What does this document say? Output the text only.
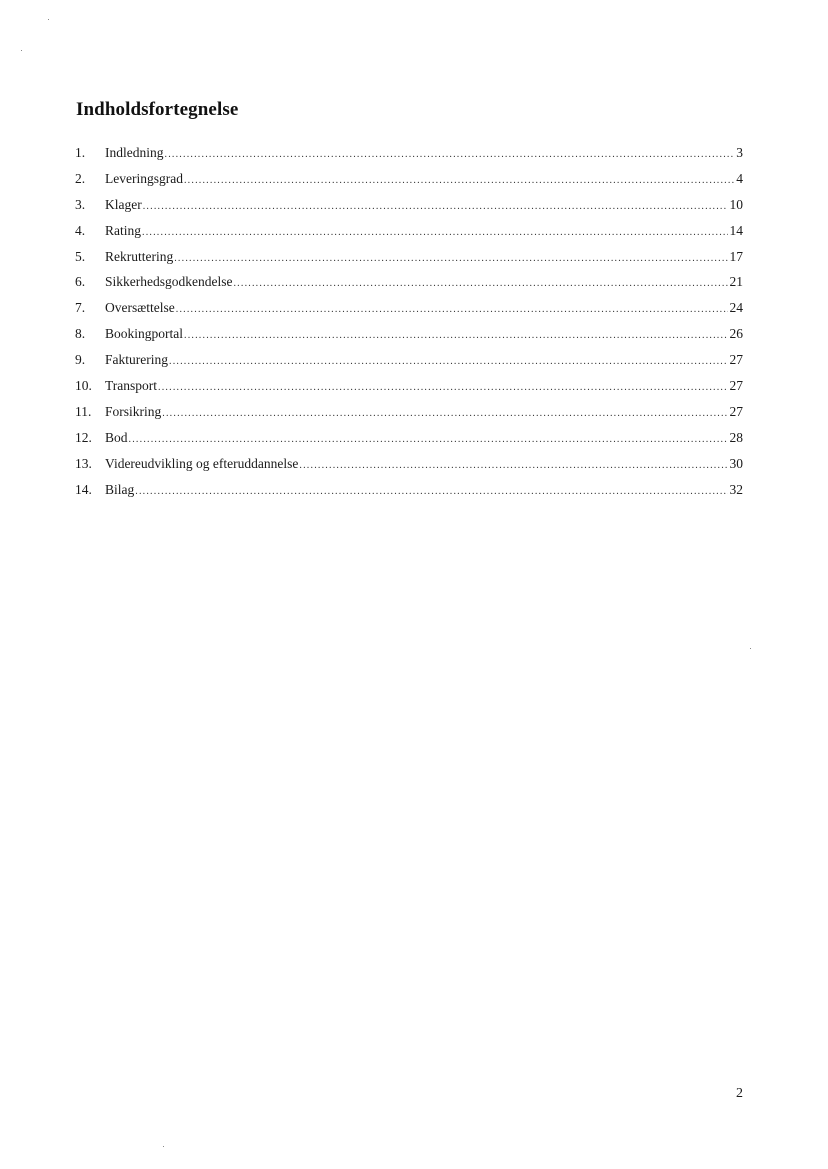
Indholdsfortegnelse
1.	Indledning .....	3
2.	Leveringsgrad .....	4
3.	Klager .....	10
4.	Rating .....	14
5.	Rekruttering .....	17
6.	Sikkerhedsgodkendelse .....	21
7.	Oversættelse .....	24
8.	Bookingportal .....	26
9.	Fakturering .....	27
10. Transport .....	27
11.	Forsikring .....	27
12. Bod .....	28
13. Videreudvikling og efteruddannelse .....	30
14. Bilag .....	32
2
